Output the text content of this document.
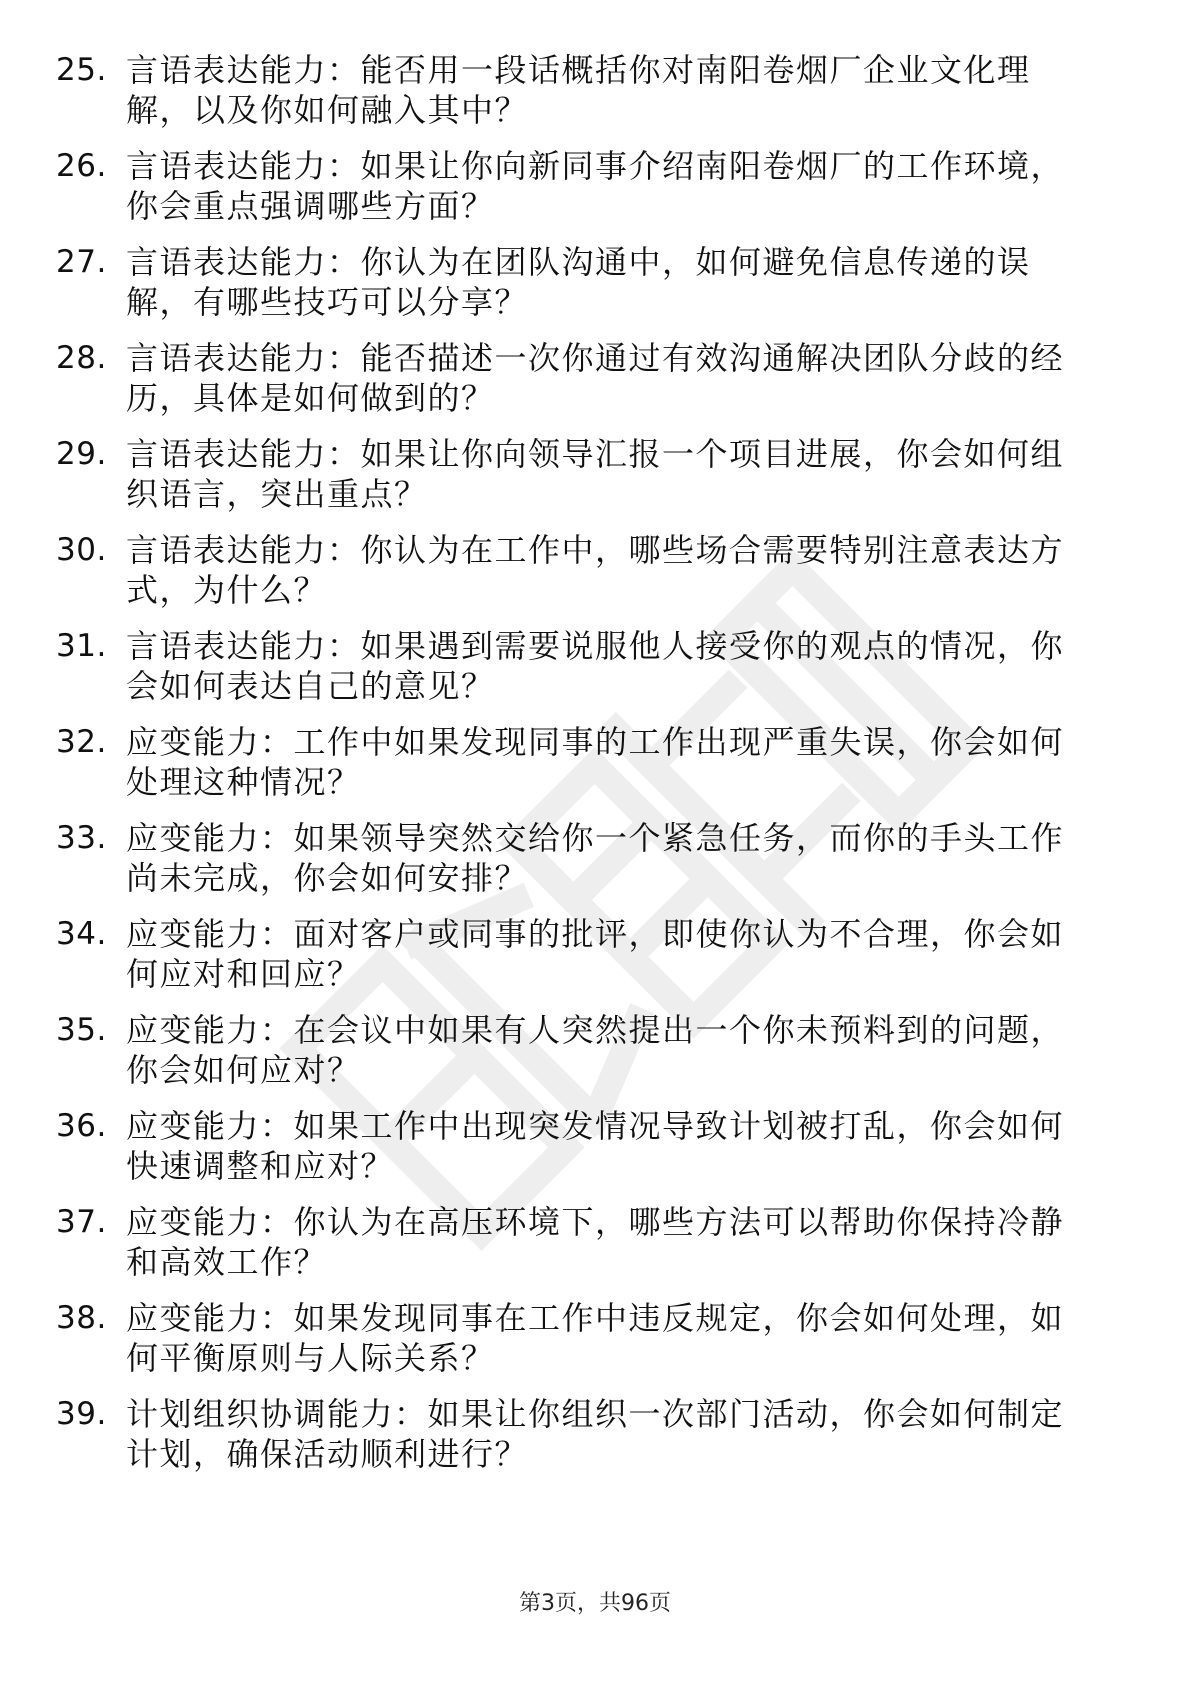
25. 言语表达能力：能否用一段话概括你对南阳卷烟厂企业文化理
解，以及你如何融入其中？
26. 言语表达能力：如果让你向新同事介绍南阳卷烟厂的工作环境，
你会重点强调哪些方面？
27. 言语表达能力：你认为在团队沟通中，如何避免信息传递的误
解，有哪些技巧可以分享？
28. 言语表达能力：能否描述一次你通过有效沟通解决团队分歧的经
历，具体是如何做到的？
29. 言语表达能力：如果让你向领导汇报一个项目进展，你会如何组
织语言，突出重点？
30. 言语表达能力：你认为在工作中，哪些场合需要特别注意表达方
式，为什么？
31. 言语表达能力：如果遇到需要说服他人接受你的观点的情况，你
会如何表达自己的意见？
32. 应变能力：工作中如果发现同事的工作出现严重失误，你会如何
处理这种情况？
33. 应变能力：如果领导突然交给你一个紧急任务，而你的手头工作
尚未完成，你会如何安排？
34. 应变能力：面对客户或同事的批评，即使你认为不合理，你会如
何应对和回应？
35. 应变能力：在会议中如果有人突然提出一个你未预料到的问题，
你会如何应对？
36. 应变能力：如果工作中出现突发情况导致计划被打乱，你会如何
快速调整和应对？
37. 应变能力：你认为在高压环境下，哪些方法可以帮助你保持冷静
和高效工作？
38. 应变能力：如果发现同事在工作中违反规定，你会如何处理，如
何平衡原则与人际关系？
39. 计划组织协调能力：如果让你组织一次部门活动，你会如何制定
计划，确保活动顺利进行？
第3页，共96页
